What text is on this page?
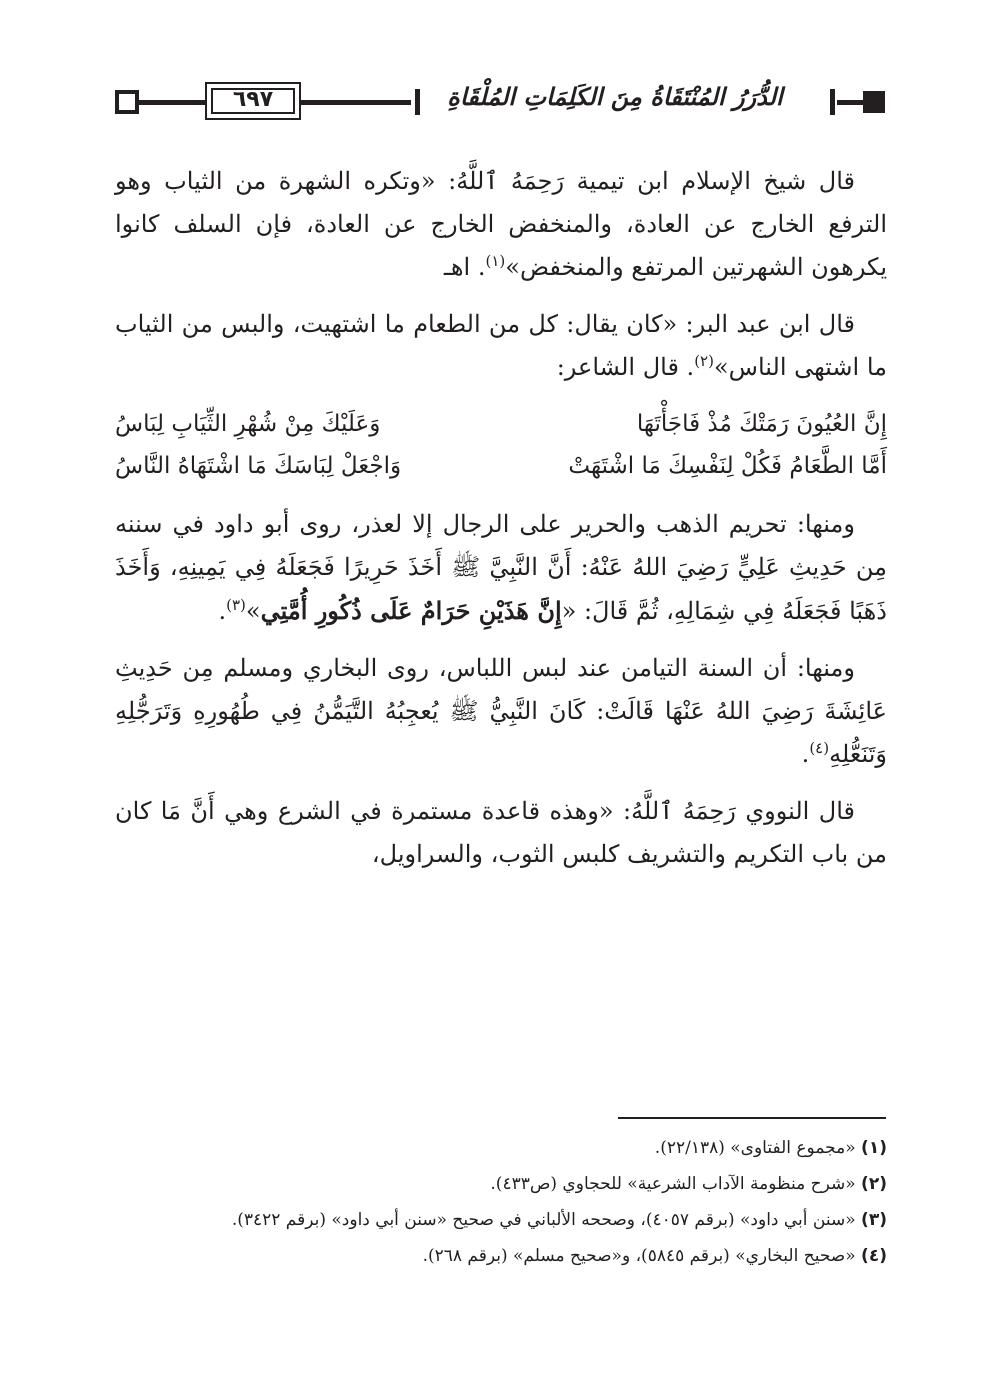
٦٩٧	الدُّرَرُ المُنْتَقَاةُ مِنَ الكَلِمَاتِ المُلْقَاةِ

قال شيخ الإسلام ابن تيمية رَحِمَهُ ٱللَّهُ: «وتكره الشهرة من الثياب وهو الترفع الخارج عن العادة، والمنخفض الخارج عن العادة، فإن السلف كانوا يكرهون الشهرتين المرتفع والمنخفض»$^{(١)}$. اهـ

قال ابن عبد البر: «كان يقال: كل من الطعام ما اشتهيت، والبس من الثياب ما اشتهى الناس»$^{(٢)}$. قال الشاعر:

إِنَّ العُيُونَ رَمَتْكَ مُذْ فَاجَأْتَهَا
وَعَلَيْكَ مِنْ شُهْرِ الثِّيَابِ لِبَاسُ
أَمَّا الطَّعَامُ فَكُلْ لِنَفْسِكَ مَا اشْتَهَتْ
وَاجْعَلْ لِبَاسَكَ مَا اشْتَهَاهُ النَّاسُ

ومنها: تحريم الذهب والحرير على الرجال إلا لعذر، روى أبو داود في سننه مِن حَدِيثِ عَلِيٍّ رَضِيَ اللهُ عَنْهُ: أَنَّ النَّبِيَّ ﷺ أَخَذَ حَرِيرًا فَجَعَلَهُ فِي يَمِينِهِ، وَأَخَذَ ذَهَبًا فَجَعَلَهُ فِي شِمَالِهِ، ثُمَّ قَالَ: «إِنَّ هَذَيْنِ حَرَامٌ عَلَى ذُكُورِ أُمَّتِي»$^{(٣)}$.

ومنها: أن السنة التيامن عند لبس اللباس، روى البخاري ومسلم مِن حَدِيثِ عَائِشَةَ رَضِيَ اللهُ عَنْهَا قَالَتْ: كَانَ النَّبِيُّ ﷺ يُعجِبُهُ التَّيَمُّنُ فِي طُهُورِهِ وَتَرَجُّلِهِ وَتَنَعُّلِهِ$^{(٤)}$.

قال النووي رَحِمَهُ ٱللَّهُ: «وهذه قاعدة مستمرة في الشرع وهي أَنَّ مَا كان من باب التكريم والتشريف كلبس الثوب، والسراويل،

(١) «مجموع الفتاوى» (٢٢/١٣٨).
(٢) «شرح منظومة الآداب الشرعية» للحجاوي (ص٤٣٣).
(٣) «سنن أبي داود» (برقم ٤٠٥٧)، وصححه الألباني في صحيح «سنن أبي داود» (برقم ٣٤٢٢).
(٤) «صحيح البخاري» (برقم ٥٨٤٥)، و«صحيح مسلم» (برقم ٢٦٨).
